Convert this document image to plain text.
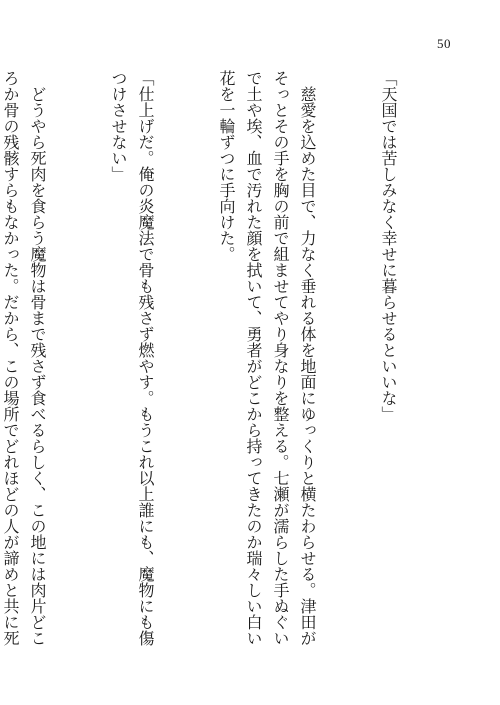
50

「天国では苦しみなく幸せに暮らせるといいな」

　慈愛を込めた目で、力なく垂れる体を地面にゆっくりと横たわらせる。津田がそっとその手を胸の前で組ませてやり身なりを整える。七瀬が濡らした手ぬぐいで土や埃、血で汚れた顔を拭いて、勇者がどこから持ってきたのか瑞々しい白い花を一輪ずつに手向けた。

「仕上げだ。俺の炎魔法で骨も残さず燃やす。もうこれ以上誰にも、魔物にも傷つけさせない」

　どうやら死肉を食らう魔物は骨まで残さず食べるらしく、この地には肉片どころか骨の残骸すらもなかった。だから、この場所でどれほどの人が諦めと共に死
